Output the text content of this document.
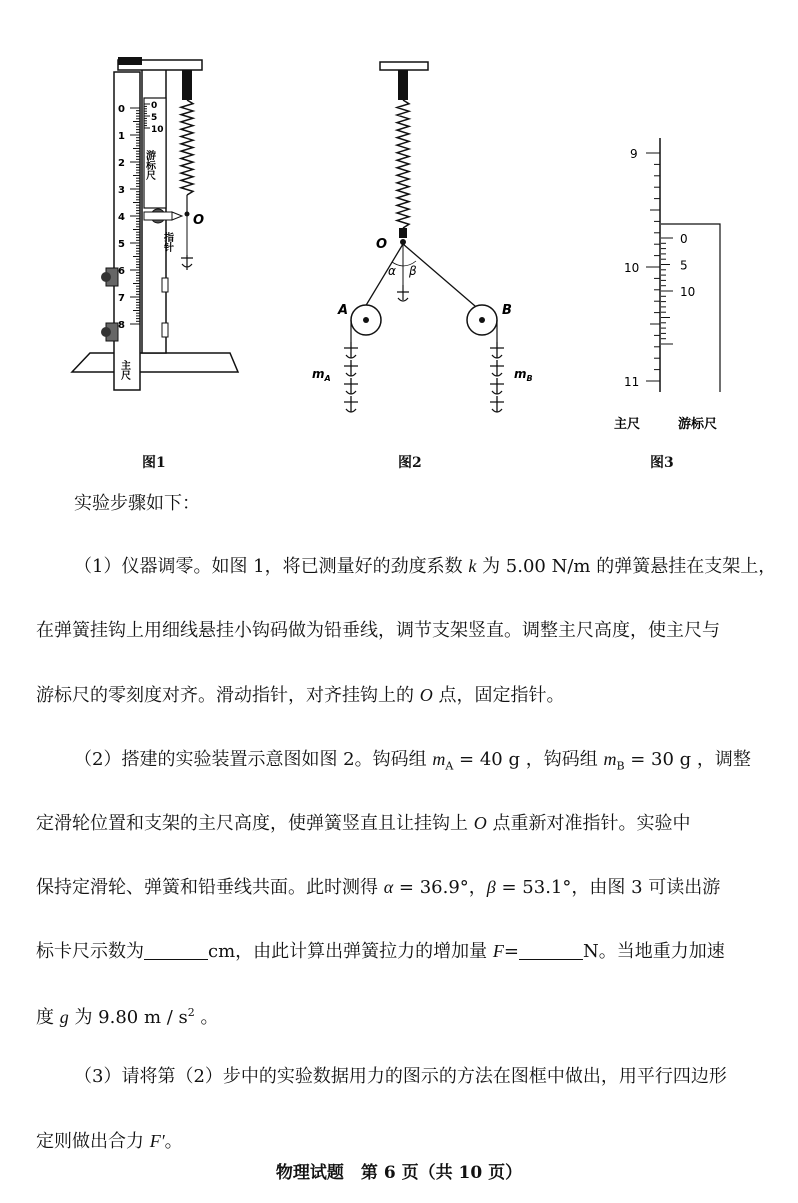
0
1
2
3
4
5
6
7
8
0
5
10
游标尺
指针
主尺
O
图1
O
α β
A	B
$m_A$	$m_B$
图2
9
10
11
0
5
10
主尺	游标尺
图3
实验步骤如下：
（1）仪器调零。如图 1，将已测量好的劲度系数 k 为 5.00 N/m 的弹簧悬挂在支架上，
在弹簧挂钩上用细线悬挂小钩码做为铅垂线，调节支架竖直。调整主尺高度，使主尺与
游标尺的零刻度对齐。滑动指针，对齐挂钩上的 O 点，固定指针。
（2）搭建的实验装置示意图如图 2。钩码组 $m_A = 40$ g ，钩码组 $m_B = 30$ g ，调整
定滑轮位置和支架的主尺高度，使弹簧竖直且让挂钩上 O 点重新对准指针。实验中
保持定滑轮、弹簧和铅垂线共面。此时测得 α = 36.9°，β = 53.1°，由图 3 可读出游
标卡尺示数为	cm，由此计算出弹簧拉力的增加量 F=	N。当地重力加速
度 g 为 9.80 m / $s^2$ 。
（3）请将第（2）步中的实验数据用力的图示的方法在图框中做出，用平行四边形
定则做出合力 F′。
物理试题　第 6 页（共 10 页）
